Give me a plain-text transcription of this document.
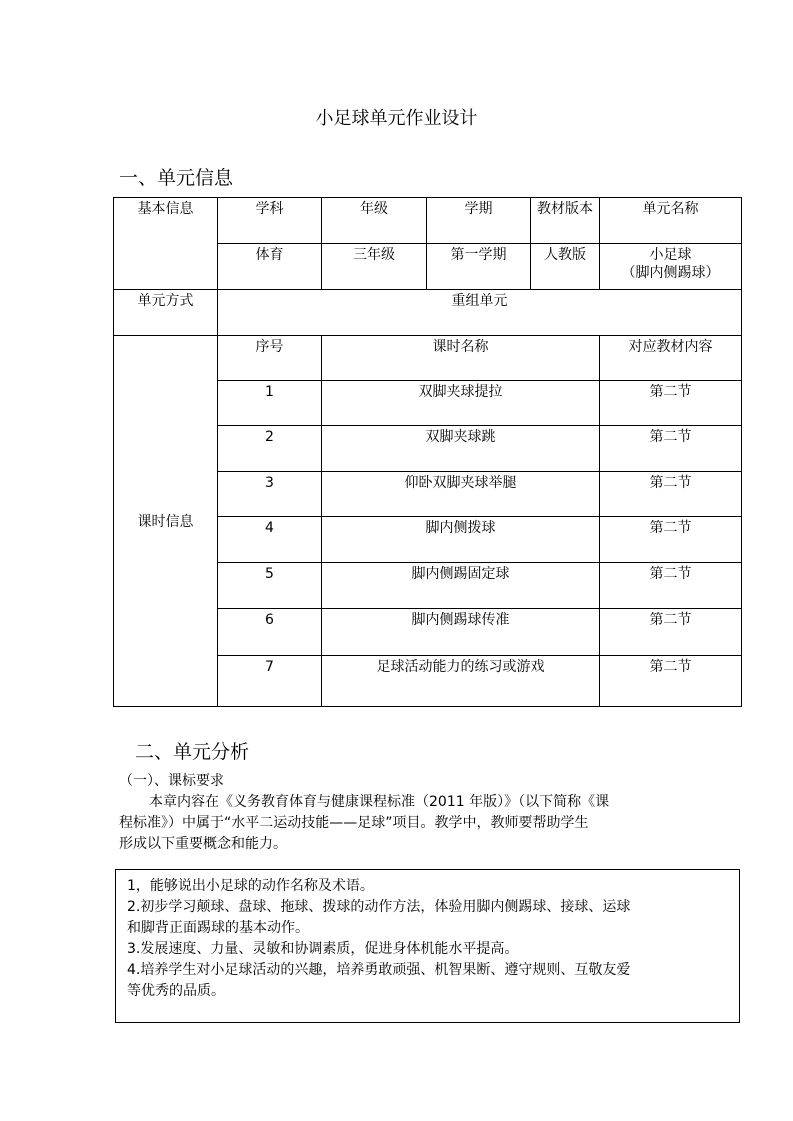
小足球单元作业设计
一、单元信息
基本信息	学科	年级	学期	教材版本	单元名称
	体育	三年级	第一学期	人教版	小足球
（脚内侧踢球）

单元方式	重组单元				
课时信息	序号	课时名称			对应教材内容
	1	双脚夹球提拉			第二节
	2	双脚夹球跳			第二节
	3	仰卧双脚夹球举腿			第二节
	4	脚内侧拨球			第二节
	5	脚内侧踢固定球			第二节
	6	脚内侧踢球传准			第二节
	7	足球活动能力的练习或游戏			第二节
二、单元分析
（一）、课标要求
本章内容在《义务教育体育与健康课程标准（2011 年版）》（以下简称《课
程标准》）中属于“水平二运动技能——足球”项目。教学中，教师要帮助学生
形成以下重要概念和能力。
1，能够说出小足球的动作名称及术语。
2.初步学习颠球、盘球、拖球、拨球的动作方法，体验用脚内侧踢球、接球、运球
和脚背正面踢球的基本动作。
3.发展速度、力量、灵敏和协调素质，促进身体机能水平提高。
4.培养学生对小足球活动的兴趣，培养勇敢顽强、机智果断、遵守规则、互敬友爱
等优秀的品质。
